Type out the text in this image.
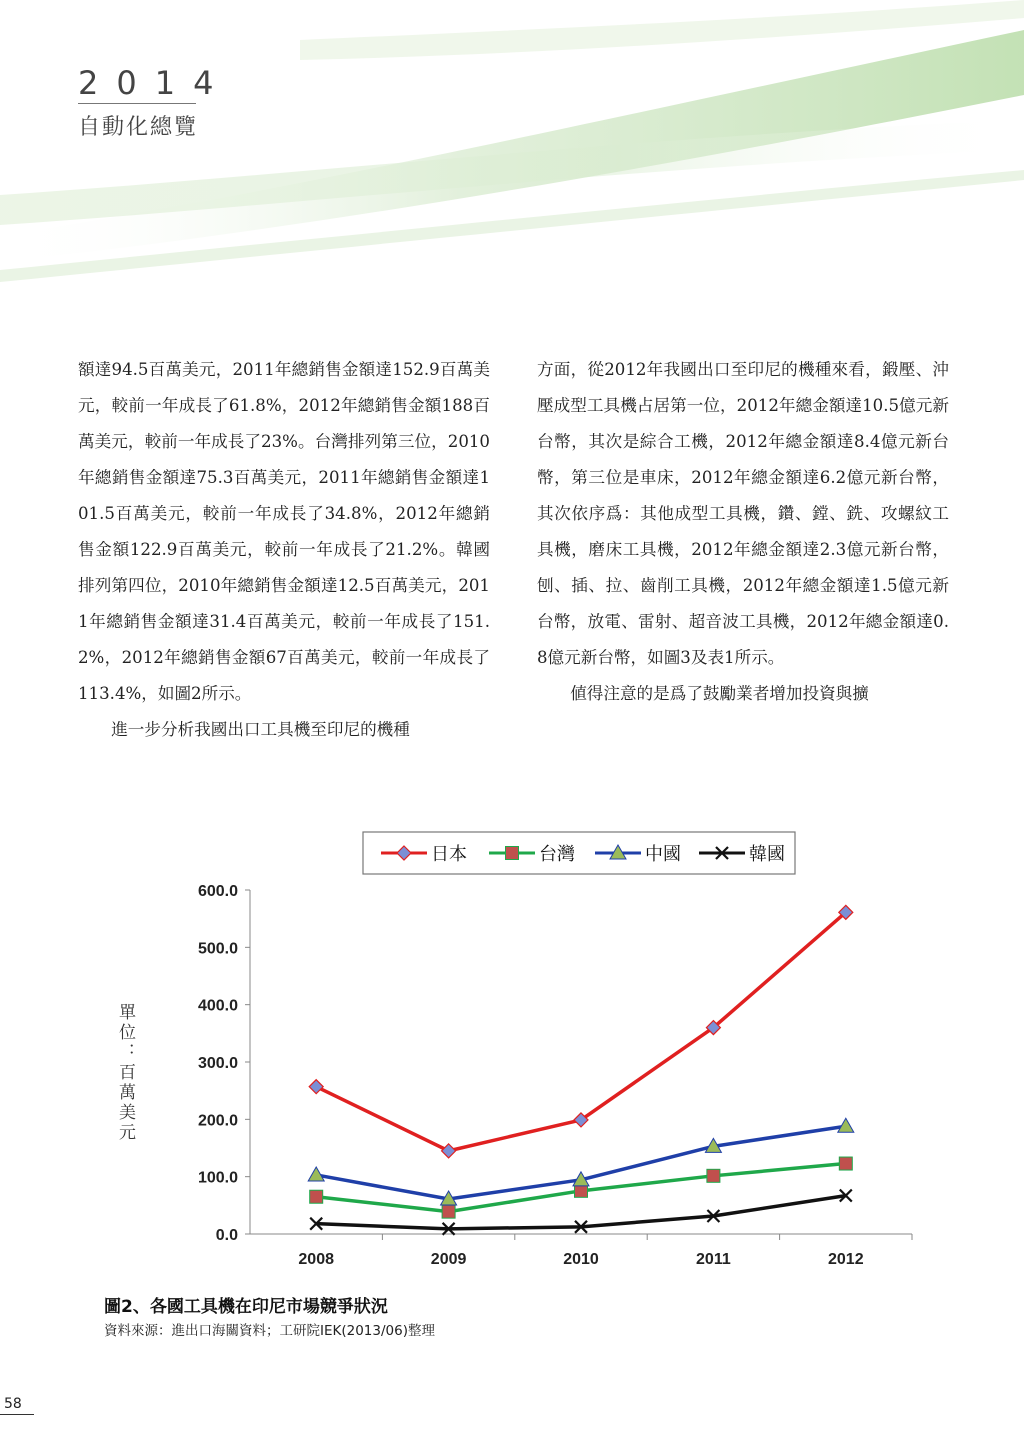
2014
自動化總覽

額達94.5百萬美元，2011年總銷售金額達152.9百萬美元，較前一年成長了61.8%，2012年總銷售金額188百萬美元，較前一年成長了23%。台灣排列第三位，2010年總銷售金額達75.3百萬美元，2011年總銷售金額達101.5百萬美元，較前一年成長了34.8%，2012年總銷售金額122.9百萬美元，較前一年成長了21.2%。韓國排列第四位，2010年總銷售金額達12.5百萬美元，2011年總銷售金額達31.4百萬美元，較前一年成長了151.2%，2012年總銷售金額67百萬美元，較前一年成長了113.4%，如圖2所示。

進一步分析我國出口工具機至印尼的機種

方面，從2012年我國出口至印尼的機種來看，鍛壓、沖壓成型工具機占居第一位，2012年總金額達10.5億元新台幣，其次是綜合工機，2012年總金額達8.4億元新台幣，第三位是車床，2012年總金額達6.2億元新台幣，其次依序爲：其他成型工具機，鑽、鏜、銑、攻螺紋工具機，磨床工具機，2012年總金額達2.3億元新台幣，刨、插、拉、齒削工具機，2012年總金額達1.5億元新台幣，放電、雷射、超音波工具機，2012年總金額達0.8億元新台幣，如圖3及表1所示。

値得注意的是爲了鼓勵業者增加投資與擴

0.0
100.0
200.0
300.0
400.0
500.0
600.0
2008	2009	2010	2011	2012
單位：百萬美元
日本	台灣	中國	韓國
圖2、各國工具機在印尼市場競爭狀況
資料來源：進出口海關資料；工研院IEK(2013/06)整理
58
